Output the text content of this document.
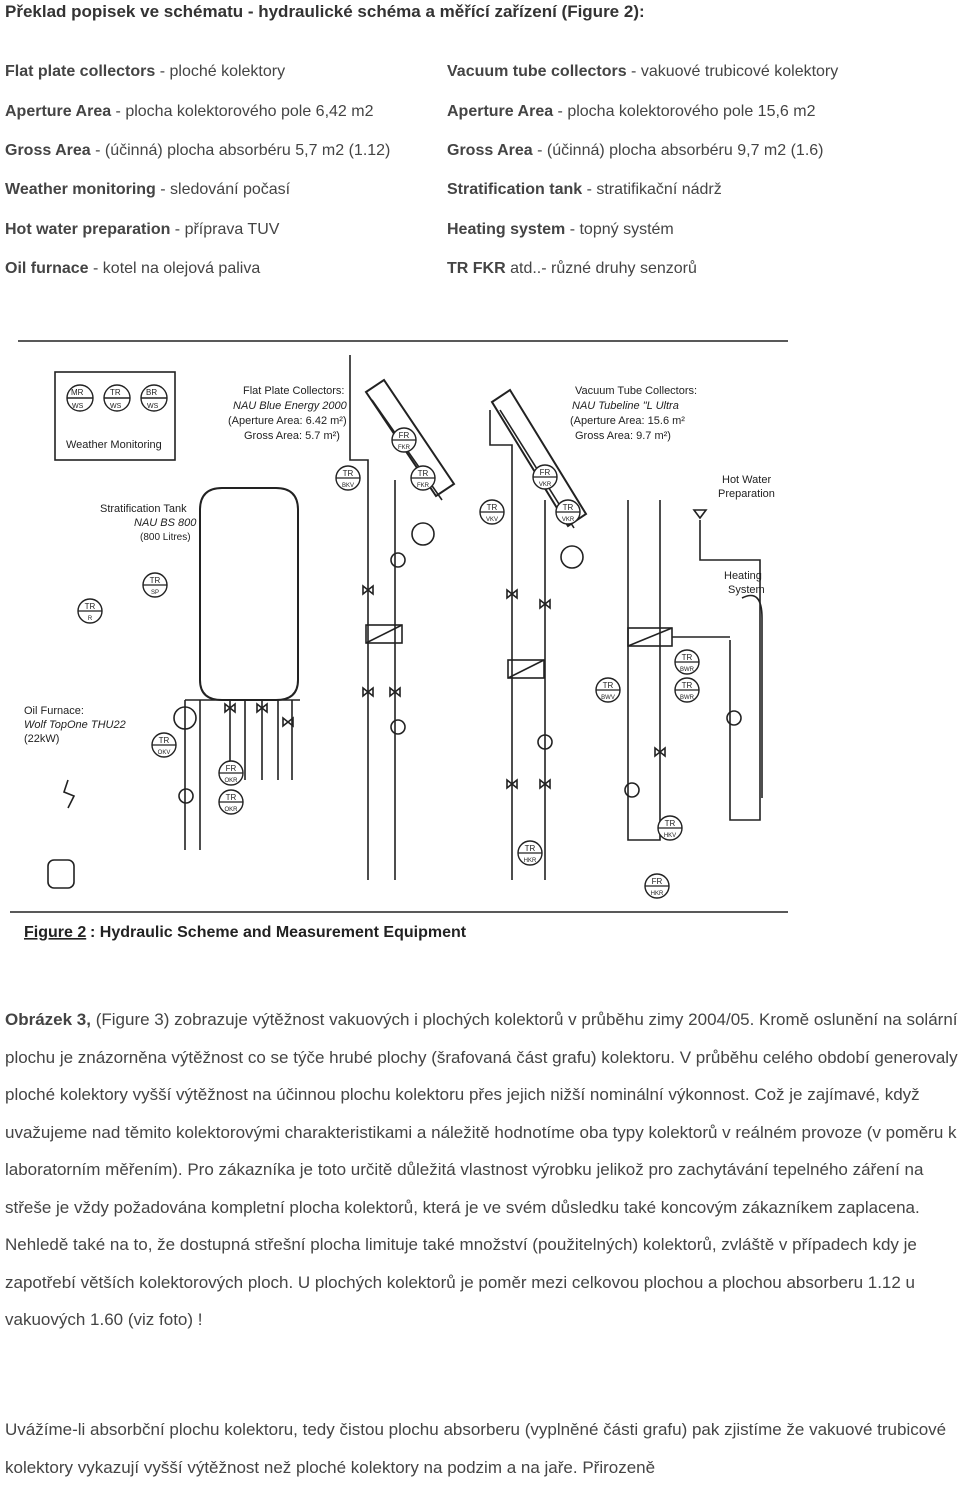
Překlad popisek ve schématu - hydraulické schéma a měřící zařízení (Figure 2):
Flat plate collectors - ploché kolektory
Aperture Area - plocha kolektorového pole 6,42 m2
Gross Area - (účinná) plocha absorbéru 5,7 m2 (1.12)
Weather monitoring - sledování počasí
Hot water preparation - příprava TUV
Oil furnace - kotel na olejová paliva
Vacuum tube collectors - vakuové trubicové kolektory
Aperture Area - plocha kolektorového pole 15,6 m2
Gross Area - (účinná) plocha absorbéru 9,7 m2 (1.6)
Stratification tank - stratifikační nádrž
Heating system - topný systém
TR FKR atd..- různé druhy senzorů
FR
FKR
TR
BKV
TR
FKR
FR
VKR
TR
VKV
TR
VKR
TR
SP
TR
R
TR
OKV
FR
OKR
TR
OKR
TR
BWR
TR
BWV
TR
BWR
TR
HKV
FR
HKR
TR
HKR
MR
WS
TR
WS
BR
WS
Weather Monitoring
Flat Plate Collectors:
NAU Blue Energy 2000
(Aperture Area: 6.42 m²)
Gross Area: 5.7 m²)
Vacuum Tube Collectors:
NAU Tubeline "L Ultra
(Aperture Area: 15.6 m²
Gross Area: 9.7 m²)
Stratification Tank
NAU BS 800
(800 Litres)
Hot Water
Preparation
Heating
System
Oil Furnace:
Wolf TopOne THU22
(22kW)
Figure 2 : Hydraulic Scheme and Measurement Equipment
Obrázek 3, (Figure 3) zobrazuje výtěžnost vakuových i plochých kolektorů v průběhu zimy 2004/05. Kromě oslunění na solární plochu je znázorněna výtěžnost co se týče hrubé plochy (šrafovaná část grafu) kolektoru. V průběhu celého období generovaly ploché kolektory vyšší výtěžnost na účinnou plochu kolektoru přes jejich nižší nominální výkonnost. Což je zajímavé, když uvažujeme nad těmito kolektorovými charakteristikami a náležitě hodnotíme oba typy kolektorů v reálném provoze (v poměru k laboratorním měřením). Pro zákazníka je toto určitě důležitá vlastnost výrobku jelikož pro zachytávání tepelného záření na střeše je vždy požadována kompletní plocha kolektorů, která je ve svém důsledku také koncovým zákazníkem zaplacena. Nehledě také na to, že dostupná střešní plocha limituje také množství (použitelných) kolektorů, zvláště v případech kdy je zapotřebí větších kolektorových ploch. U plochých kolektorů je poměr mezi celkovou plochou a plochou absorberu 1.12 u vakuových 1.60 (viz foto) !
Uvážíme-li absorbční plochu kolektoru, tedy čistou plochu absorberu (vyplněné části grafu) pak zjistíme že vakuové trubicové kolektory vykazují vyšší výtěžnost než ploché kolektory na podzim a na jaře. Přirozeně
